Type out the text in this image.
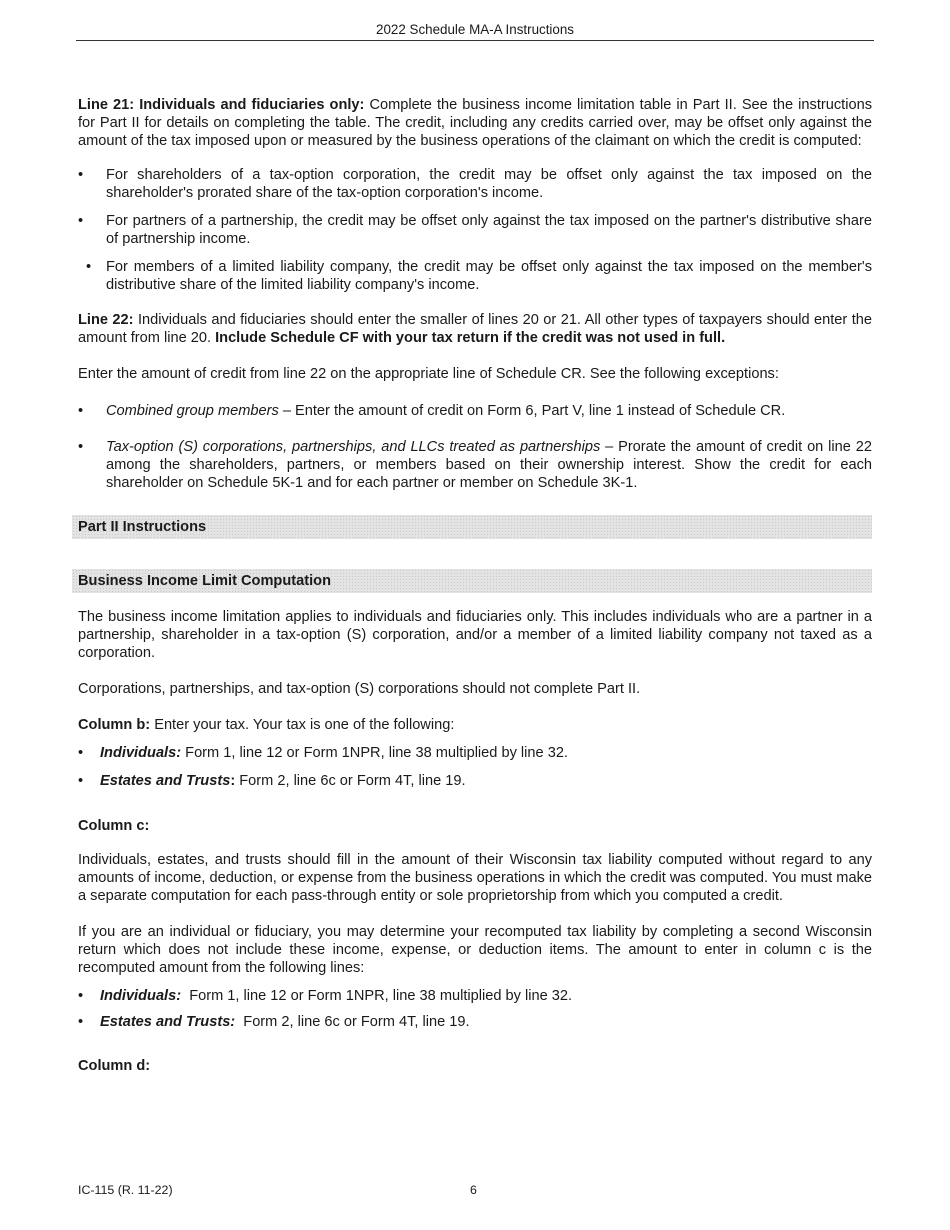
2022 Schedule MA-A Instructions

Line 21: Individuals and fiduciaries only: Complete the business income limitation table in Part II. See the instructions for Part II for details on completing the table. The credit, including any credits carried over, may be offset only against the amount of the tax imposed upon or measured by the business operations of the claimant on which the credit is computed:

• For shareholders of a tax-option corporation, the credit may be offset only against the tax imposed on the shareholder's prorated share of the tax-option corporation's income.
• For partners of a partnership, the credit may be offset only against the tax imposed on the partner's distributive share of partnership income.
• For members of a limited liability company, the credit may be offset only against the tax imposed on the member's distributive share of the limited liability company's income.

Line 22: Individuals and fiduciaries should enter the smaller of lines 20 or 21. All other types of taxpayers should enter the amount from line 20. Include Schedule CF with your tax return if the credit was not used in full.

Enter the amount of credit from line 22 on the appropriate line of Schedule CR. See the following exceptions:

• Combined group members – Enter the amount of credit on Form 6, Part V, line 1 instead of Schedule CR.
• Tax-option (S) corporations, partnerships, and LLCs treated as partnerships – Prorate the amount of credit on line 22 among the shareholders, partners, or members based on their ownership interest. Show the credit for each shareholder on Schedule 5K-1 and for each partner or member on Schedule 3K-1.
Part II Instructions
Business Income Limit Computation

The business income limitation applies to individuals and fiduciaries only. This includes individuals who are a partner in a partnership, shareholder in a tax-option (S) corporation, and/or a member of a limited liability company not taxed as a corporation.

Corporations, partnerships, and tax-option (S) corporations should not complete Part II.

Column b: Enter your tax. Your tax is one of the following:

• Individuals: Form 1, line 12 or Form 1NPR, line 38 multiplied by line 32.
• Estates and Trusts: Form 2, line 6c or Form 4T, line 19.

Column c:

Individuals, estates, and trusts should fill in the amount of their Wisconsin tax liability computed without regard to any amounts of income, deduction, or expense from the business operations in which the credit was computed. You must make a separate computation for each pass-through entity or sole proprietorship from which you computed a credit.

If you are an individual or fiduciary, you may determine your recomputed tax liability by completing a second Wisconsin return which does not include these income, expense, or deduction items. The amount to enter in column c is the recomputed amount from the following lines:

• Individuals:  Form 1, line 12 or Form 1NPR, line 38 multiplied by line 32.
• Estates and Trusts:  Form 2, line 6c or Form 4T, line 19.

Column d:

IC-115 (R. 11-22)	6
